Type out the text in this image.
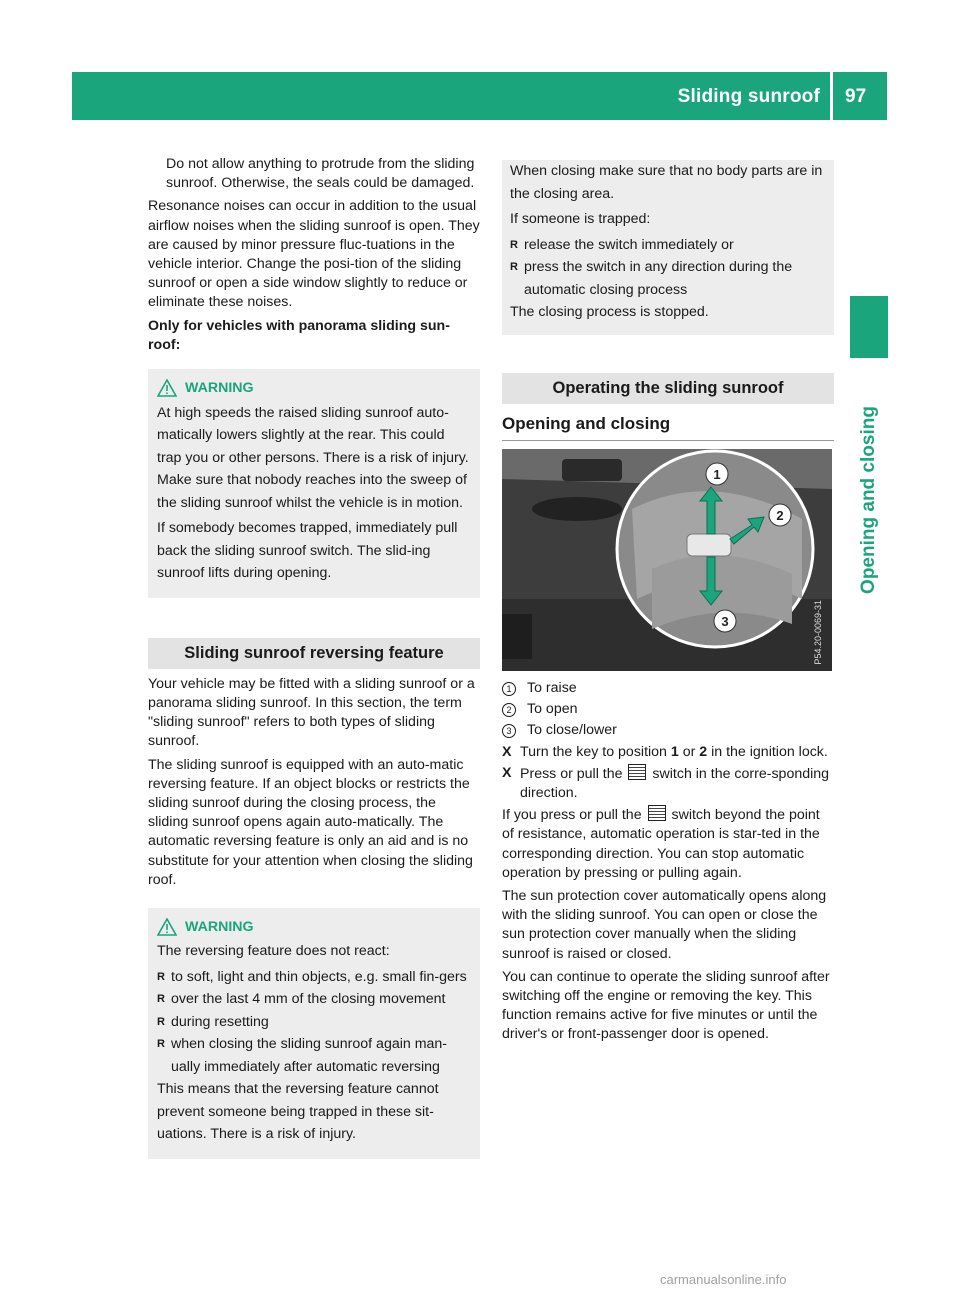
Sliding sunroof 97
Opening and closing

Do not allow anything to protrude from the sliding sunroof. Otherwise, the seals could be damaged.

Resonance noises can occur in addition to the usual airflow noises when the sliding sunroof is open. They are caused by minor pressure fluc-tuations in the vehicle interior. Change the posi-tion of the sliding sunroof or open a side window slightly to reduce or eliminate these noises.

Only for vehicles with panorama sliding sun-roof:

WARNING

At high speeds the raised sliding sunroof auto-matically lowers slightly at the rear. This could trap you or other persons. There is a risk of injury. Make sure that nobody reaches into the sweep of the sliding sunroof whilst the vehicle is in motion.

If somebody becomes trapped, immediately pull back the sliding sunroof switch. The slid-ing sunroof lifts during opening.

Sliding sunroof reversing feature

Your vehicle may be fitted with a sliding sunroof or a panorama sliding sunroof. In this section, the term "sliding sunroof" refers to both types of sliding sunroof.

The sliding sunroof is equipped with an auto-matic reversing feature. If an object blocks or restricts the sliding sunroof during the closing process, the sliding sunroof opens again auto-matically. The automatic reversing feature is only an aid and is no substitute for your attention when closing the sliding roof.

WARNING

The reversing feature does not react:

R to soft, light and thin objects, e.g. small fin-gers
R over the last 4 mm of the closing movement
R during resetting
R when closing the sliding sunroof again man-ually immediately after automatic reversing

This means that the reversing feature cannot prevent someone being trapped in these sit-uations. There is a risk of injury.

When closing make sure that no body parts are in the closing area.

If someone is trapped:

R release the switch immediately or
R press the switch in any direction during the automatic closing process

The closing process is stopped.

Operating the sliding sunroof
Opening and closing
1
2
3	P54.20-0069-31
1	To raise
2	To open
3	To close/lower
X Turn the key to position 1 or 2 in the ignition lock.
X Press or pull the  switch in the corre-sponding direction.

If you press or pull the  switch beyond the point of resistance, automatic operation is star-ted in the corresponding direction. You can stop automatic operation by pressing or pulling again.

The sun protection cover automatically opens along with the sliding sunroof. You can open or close the sun protection cover manually when the sliding sunroof is raised or closed.

You can continue to operate the sliding sunroof after switching off the engine or removing the key. This function remains active for five minutes or until the driver's or front-passenger door is opened.

carmanualsonline.info
